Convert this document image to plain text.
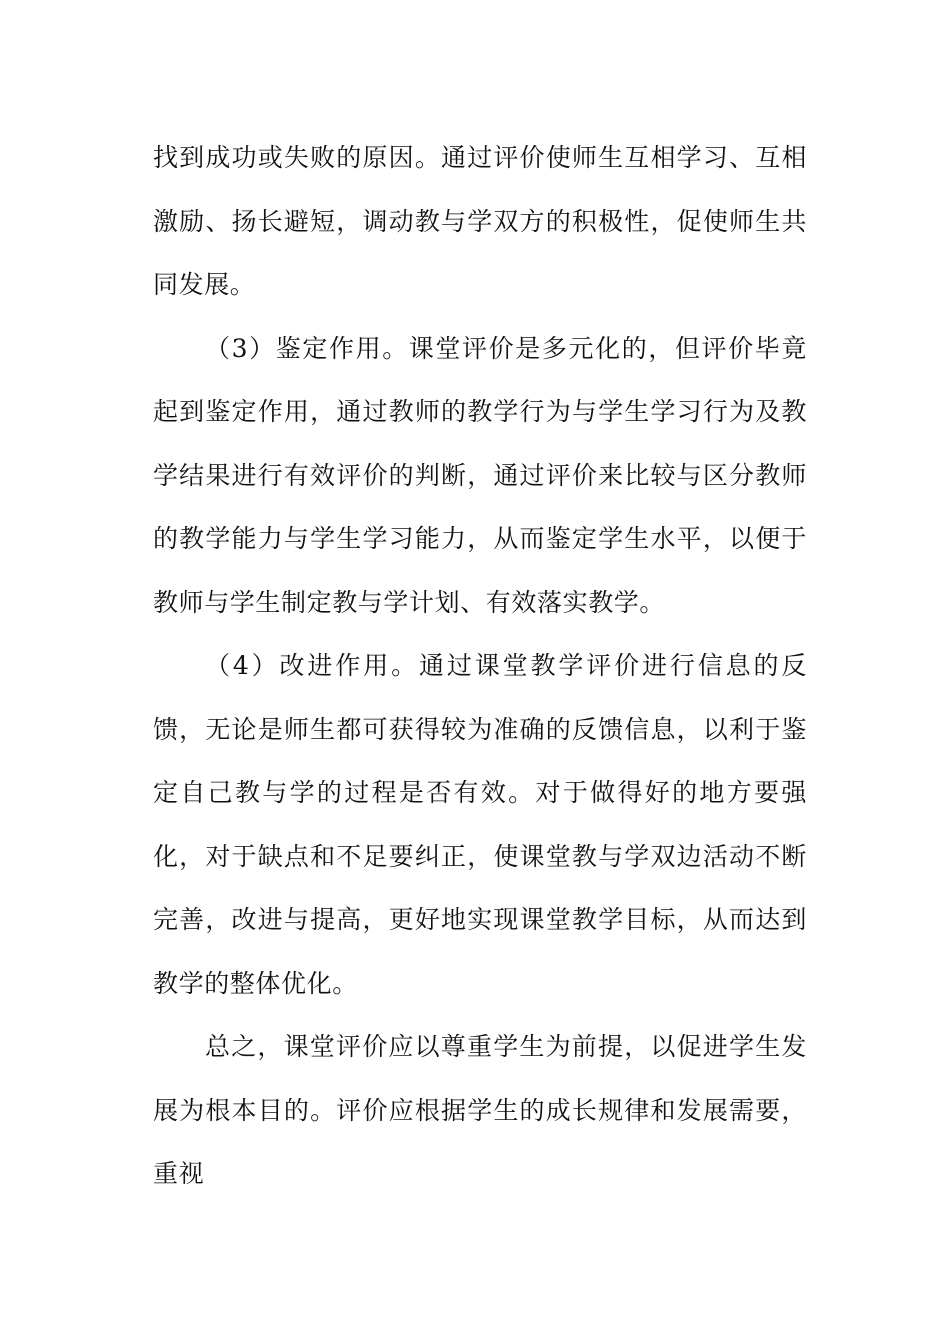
找到成功或失败的原因。通过评价使师生互相学习、互相激励、扬长避短，调动教与学双方的积极性，促使师生共同发展。

（3）鉴定作用。课堂评价是多元化的，但评价毕竟起到鉴定作用，通过教师的教学行为与学生学习行为及教学结果进行有效评价的判断，通过评价来比较与区分教师的教学能力与学生学习能力，从而鉴定学生水平，以便于教师与学生制定教与学计划、有效落实教学。

（4）改进作用。通过课堂教学评价进行信息的反馈，无论是师生都可获得较为准确的反馈信息，以利于鉴定自己教与学的过程是否有效。对于做得好的地方要强化，对于缺点和不足要纠正，使课堂教与学双边活动不断完善，改进与提高，更好地实现课堂教学目标，从而达到教学的整体优化。

总之，课堂评价应以尊重学生为前提，以促进学生发展为根本目的。评价应根据学生的成长规律和发展需要，重视
